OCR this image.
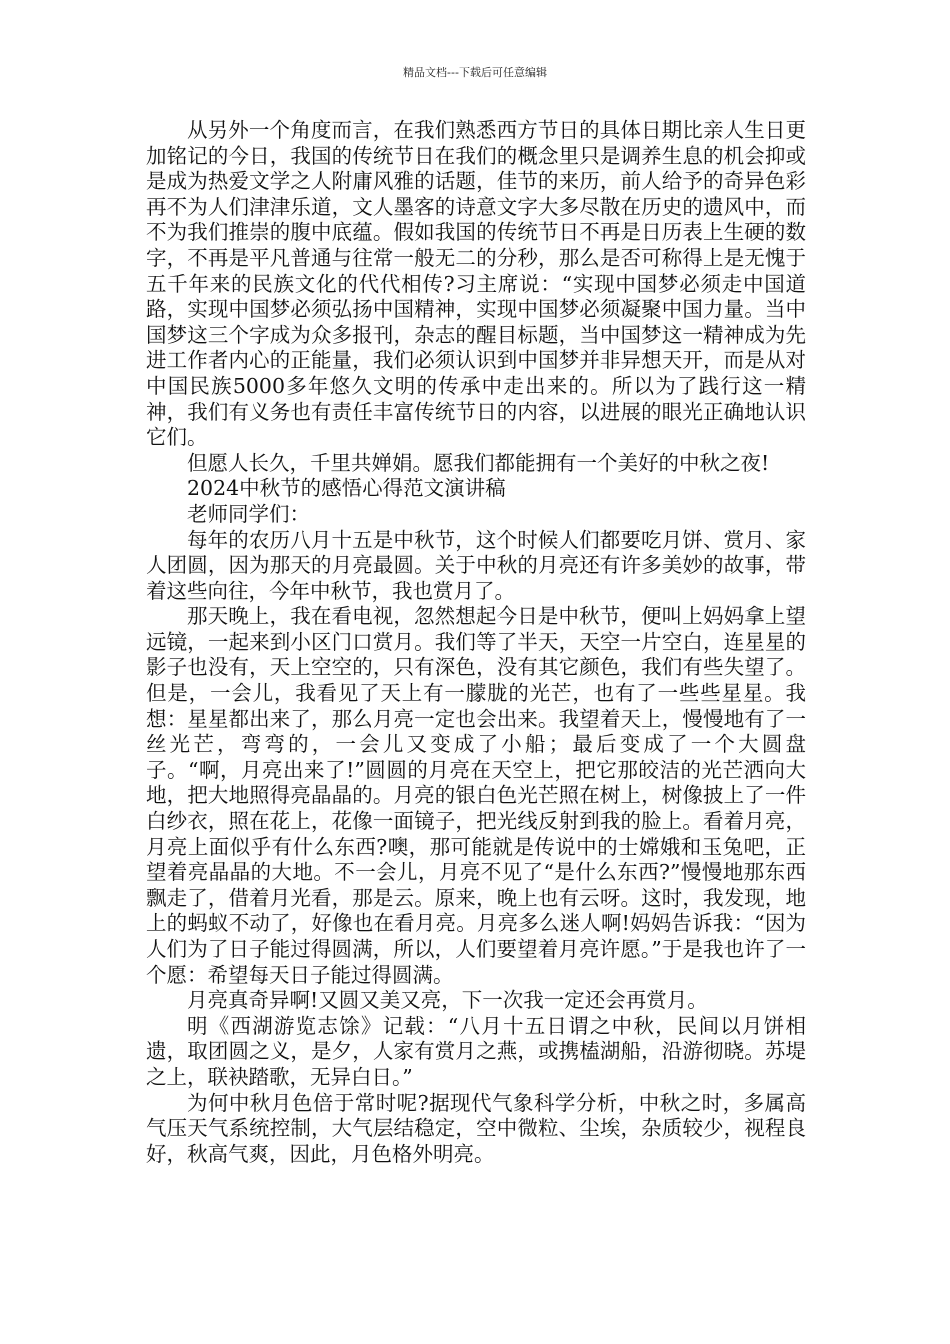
精品文档---下载后可任意编辑

从另外一个角度而言，在我们熟悉西方节日的具体日期比亲人生日更加铭记的今日，我国的传统节日在我们的概念里只是调养生息的机会抑或是成为热爱文学之人附庸风雅的话题，佳节的来历，前人给予的奇异色彩再不为人们津津乐道，文人墨客的诗意文字大多尽散在历史的遗风中，而不为我们推崇的腹中底蕴。假如我国的传统节日不再是日历表上生硬的数字，不再是平凡普通与往常一般无二的分秒，那么是否可称得上是无愧于五千年来的民族文化的代代相传?习主席说：“实现中国梦必须走中国道路，实现中国梦必须弘扬中国精神，实现中国梦必须凝聚中国力量。当中国梦这三个字成为众多报刊，杂志的醒目标题，当中国梦这一精神成为先进工作者内心的正能量，我们必须认识到中国梦并非异想天开，而是从对中国民族5000多年悠久文明的传承中走出来的。所以为了践行这一精神，我们有义务也有责任丰富传统节日的内容，以进展的眼光正确地认识它们。

但愿人长久，千里共婵娟。愿我们都能拥有一个美好的中秋之夜!

2024中秋节的感悟心得范文演讲稿

老师同学们：

每年的农历八月十五是中秋节，这个时候人们都要吃月饼、赏月、家人团圆，因为那天的月亮最圆。关于中秋的月亮还有许多美妙的故事，带着这些向往，今年中秋节，我也赏月了。

那天晚上，我在看电视，忽然想起今日是中秋节，便叫上妈妈拿上望远镜，一起来到小区门口赏月。我们等了半天，天空一片空白，连星星的影子也没有，天上空空的，只有深色，没有其它颜色，我们有些失望了。但是，一会儿，我看见了天上有一朦胧的光芒，也有了一些些星星。我想：星星都出来了，那么月亮一定也会出来。我望着天上，慢慢地有了一丝光芒，弯弯的，一会儿又变成了小船；最后变成了一个大圆盘子。“啊，月亮出来了!”圆圆的月亮在天空上，把它那皎洁的光芒洒向大地，把大地照得亮晶晶的。月亮的银白色光芒照在树上，树像披上了一件白纱衣，照在花上，花像一面镜子，把光线反射到我的脸上。看着月亮，月亮上面似乎有什么东西?噢，那可能就是传说中的士嫦娥和玉兔吧，正望着亮晶晶的大地。不一会儿，月亮不见了“是什么东西?”慢慢地那东西飘走了，借着月光看，那是云。原来，晚上也有云呀。这时，我发现，地上的蚂蚁不动了，好像也在看月亮。月亮多么迷人啊!妈妈告诉我：“因为人们为了日子能过得圆满，所以，人们要望着月亮许愿。”于是我也许了一个愿：希望每天日子能过得圆满。

月亮真奇异啊!又圆又美又亮，下一次我一定还会再赏月。

明《西湖游览志馀》记载：“八月十五日谓之中秋，民间以月饼相遗，取团圆之义，是夕，人家有赏月之燕，或携榼湖船，沿游彻晓。苏堤之上，联袂踏歌，无异白日。”

为何中秋月色倍于常时呢?据现代气象科学分析，中秋之时，多属高气压天气系统控制，大气层结稳定，空中微粒、尘埃，杂质较少，视程良好，秋高气爽，因此，月色格外明亮。
